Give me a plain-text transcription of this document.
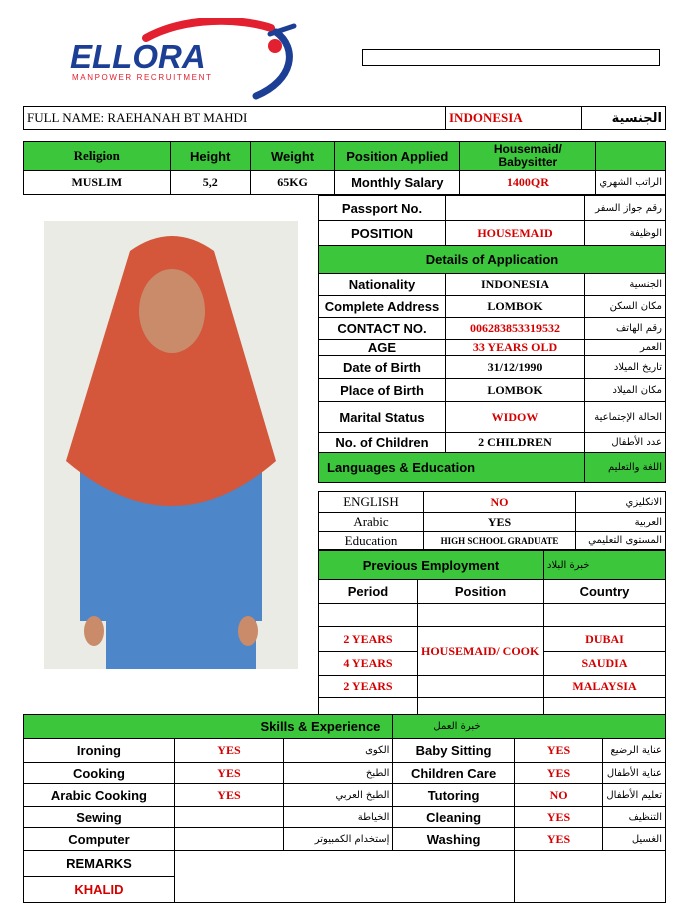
ELLORA
MANPOWER RECRUITMENT
FULL NAME: RAEHANAH BT MAHDI	INDONESIA	الجنسية
Religion	Height	Weight	Position Applied	Housemaid/ Babysitter	
MUSLIM	5,2	65KG	Monthly Salary	1400QR	الراتب الشهري
Passport No.		رقم جواز السفر
POSITION	HOUSEMAID	الوظيفة
Details of Application		
Nationality	INDONESIA	الجنسية
Complete Address	LOMBOK	مكان السكن
CONTACT NO.	006283853319532	رقم الهاتف
AGE	33 YEARS OLD	العمر
Date of Birth	31/12/1990	تاريخ الميلاد
Place of Birth	LOMBOK	مكان الميلاد
Marital Status	WIDOW	الحالة الإجتماعية
No. of Children	2 CHILDREN	عدد الأطفال
Languages & Education		اللغة والتعليم
ENGLISH	NO	الانكليزي
Arabic	YES	العربية
Education	HIGH SCHOOL GRADUATE	المستوى التعليمي
Previous Employment		خبرة البلاد
Period	Position	Country

2 YEARS	HOUSEMAID/ COOK	DUBAI
4 YEARS		SAUDIA
2 YEARS		MALAYSIA

Skills & Experience			خبرة العمل		
Ironing	YES	الكوى	Baby Sitting	YES	عناية الرضيع
Cooking	YES	الطبخ	Children Care	YES	عناية الأطفال
Arabic Cooking	YES	الطبخ العربي	Tutoring	NO	تعليم الأطفال
Sewing		الخياطة	Cleaning	YES	التنظيف
Computer		إستخدام الكمبيوتر	Washing	YES	الغسيل
REMARKS					
KHALID					
